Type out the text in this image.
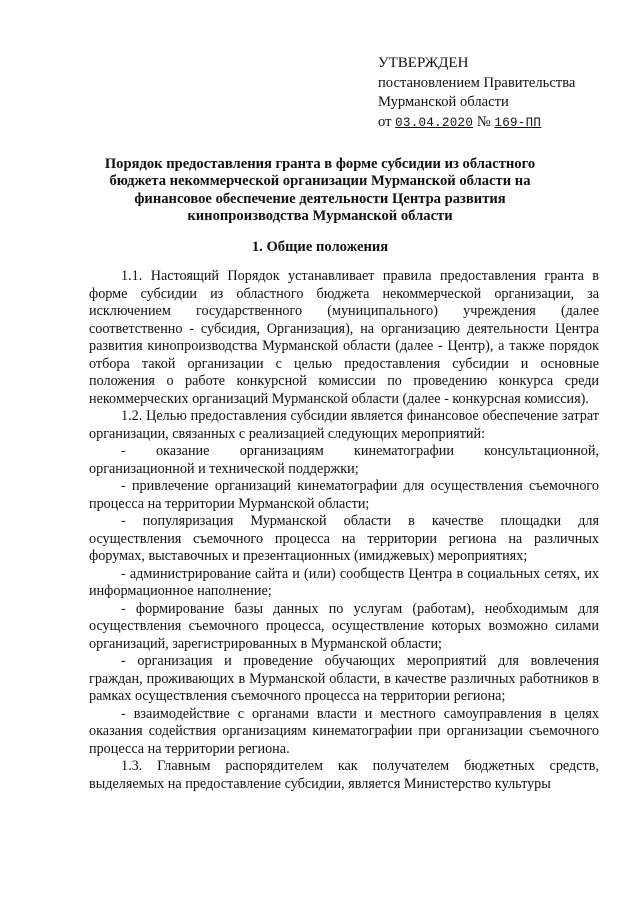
УТВЕРЖДЕН
постановлением Правительства
Мурманской области
от 03.04.2020 № 169-ПП
Порядок предоставления гранта в форме субсидии из областного бюджета некоммерческой организации Мурманской области на финансовое обеспечение деятельности Центра развития кинопроизводства Мурманской области
1. Общие положения

1.1. Настоящий Порядок устанавливает правила предоставления гранта в форме субсидии из областного бюджета некоммерческой организации, за исключением государственного (муниципального) учреждения (далее соответственно - субсидия, Организация), на организацию деятельности Центра развития кинопроизводства Мурманской области (далее - Центр), а также порядок отбора такой организации с целью предоставления субсидии и основные положения о работе конкурсной комиссии по проведению конкурса среди некоммерческих организаций Мурманской области (далее - конкурсная комиссия).

1.2. Целью предоставления субсидии является финансовое обеспечение затрат организации, связанных с реализацией следующих мероприятий:

- оказание организациям кинематографии консультационной, организационной и технической поддержки;

- привлечение организаций кинематографии для осуществления съемочного процесса на территории Мурманской области;

- популяризация Мурманской области в качестве площадки для осуществления съемочного процесса на территории региона на различных форумах, выставочных и презентационных (имиджевых) мероприятиях;

- администрирование сайта и (или) сообществ Центра в социальных сетях, их информационное наполнение;

- формирование базы данных по услугам (работам), необходимым для осуществления съемочного процесса, осуществление которых возможно силами организаций, зарегистрированных в Мурманской области;

- организация и проведение обучающих мероприятий для вовлечения граждан, проживающих в Мурманской области, в качестве различных работников в рамках осуществления съемочного процесса на территории региона;

- взаимодействие с органами власти и местного самоуправления в целях оказания содействия организациям кинематографии при организации съемочного процесса на территории региона.

1.3. Главным распорядителем как получателем бюджетных средств, выделяемых на предоставление субсидии, является Министерство культуры
